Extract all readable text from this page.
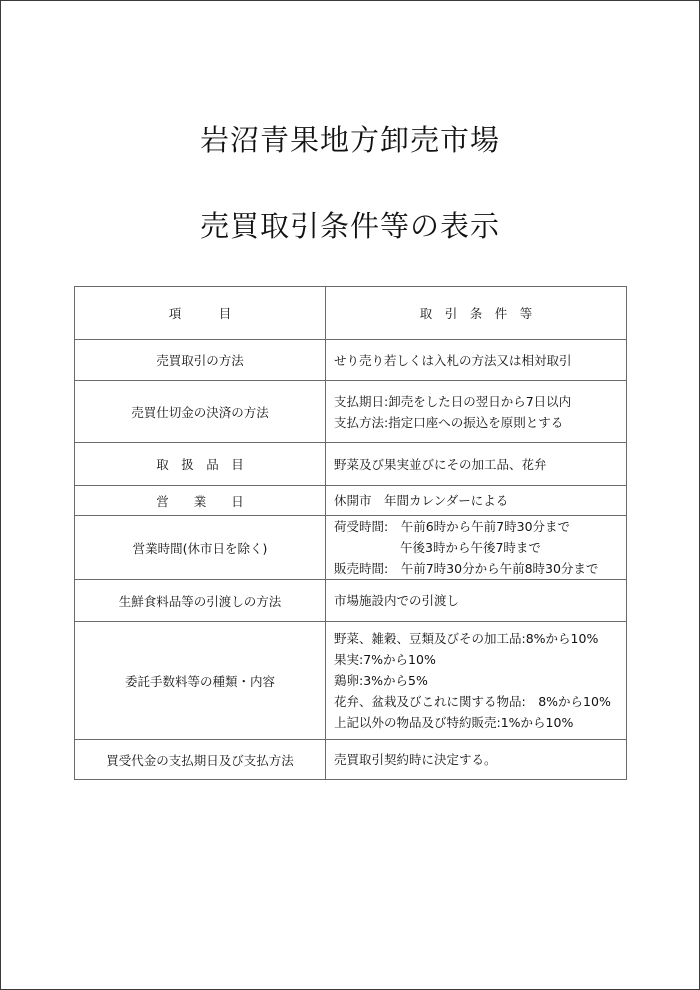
岩沼青果地方卸売市場
売買取引条件等の表示
項　　　目	取　引　条　件　等
売買取引の方法	せり売り若しくは入札の方法又は相対取引

売買仕切金の決済の方法	支払期日:卸売をした日の翌日から7日以内
支払方法:指定口座への振込を原則とする

取　扱　品　目	野菜及び果実並びにその加工品、花弁

営　　業　　日	休開市　年間カレンダーによる

営業時間(休市日を除く)	荷受時間:　午前6時から午前7時30分まで
午後3時から午後7時まで
販売時間:　午前7時30分から午前8時30分まで

生鮮食料品等の引渡しの方法	市場施設内での引渡し

委託手数料等の種類・内容	野菜、雑穀、豆類及びその加工品:8%から10%
果実:7%から10%
鶏卵:3%から5%
花弁、盆栽及びこれに関する物品:　8%から10%
上記以外の物品及び特約販売:1%から10%

買受代金の支払期日及び支払方法	売買取引契約時に決定する。
